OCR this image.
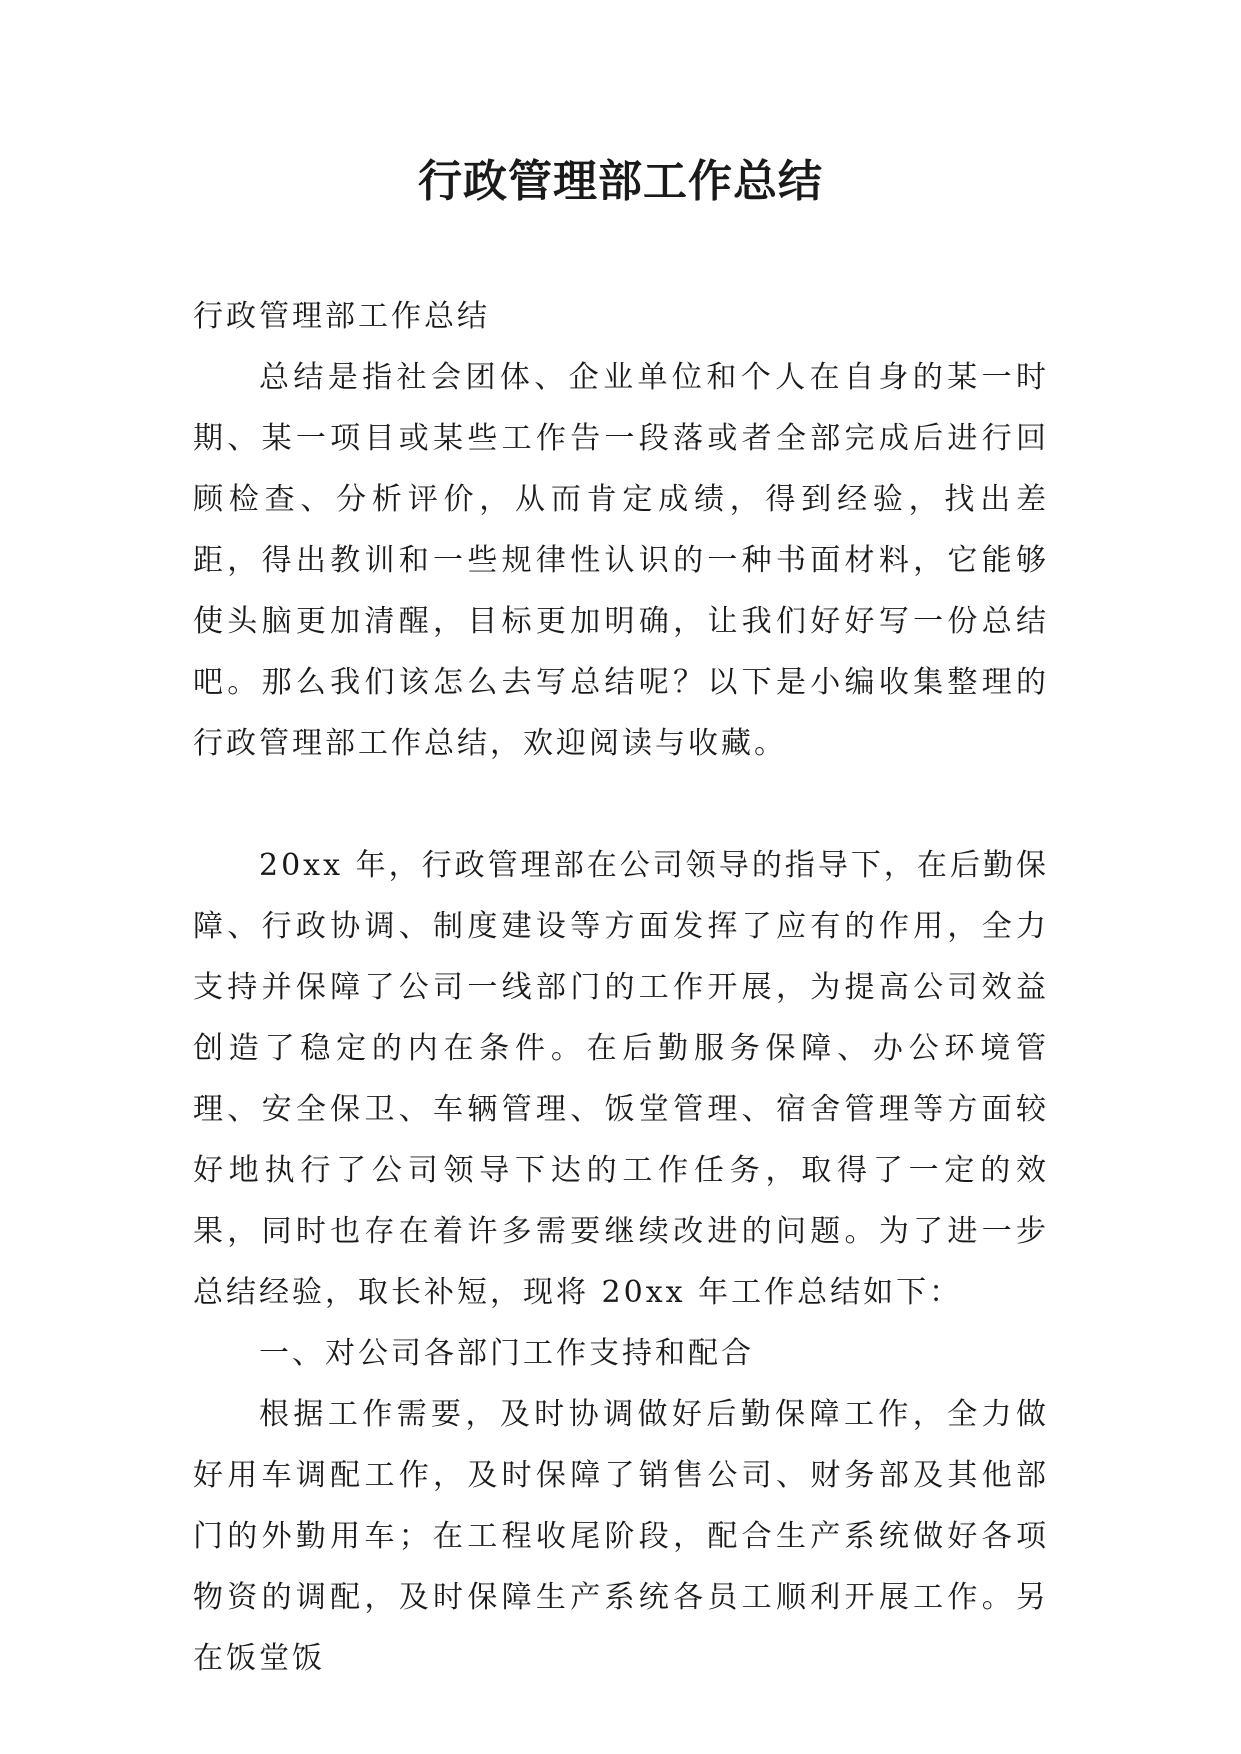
行政管理部工作总结

行政管理部工作总结

总结是指社会团体、企业单位和个人在自身的某一时期、某一项目或某些工作告一段落或者全部完成后进行回顾检查、分析评价，从而肯定成绩，得到经验，找出差距，得出教训和一些规律性认识的一种书面材料，它能够使头脑更加清醒，目标更加明确，让我们好好写一份总结吧。那么我们该怎么去写总结呢？以下是小编收集整理的行政管理部工作总结，欢迎阅读与收藏。

20xx 年，行政管理部在公司领导的指导下，在后勤保障、行政协调、制度建设等方面发挥了应有的作用，全力支持并保障了公司一线部门的工作开展，为提高公司效益创造了稳定的内在条件。在后勤服务保障、办公环境管理、安全保卫、车辆管理、饭堂管理、宿舍管理等方面较好地执行了公司领导下达的工作任务，取得了一定的效果，同时也存在着许多需要继续改进的问题。为了进一步总结经验，取长补短，现将 20xx 年工作总结如下：

一、对公司各部门工作支持和配合

根据工作需要，及时协调做好后勤保障工作，全力做好用车调配工作，及时保障了销售公司、财务部及其他部门的外勤用车；在工程收尾阶段，配合生产系统做好各项物资的调配，及时保障生产系统各员工顺利开展工作。另在饭堂饭
